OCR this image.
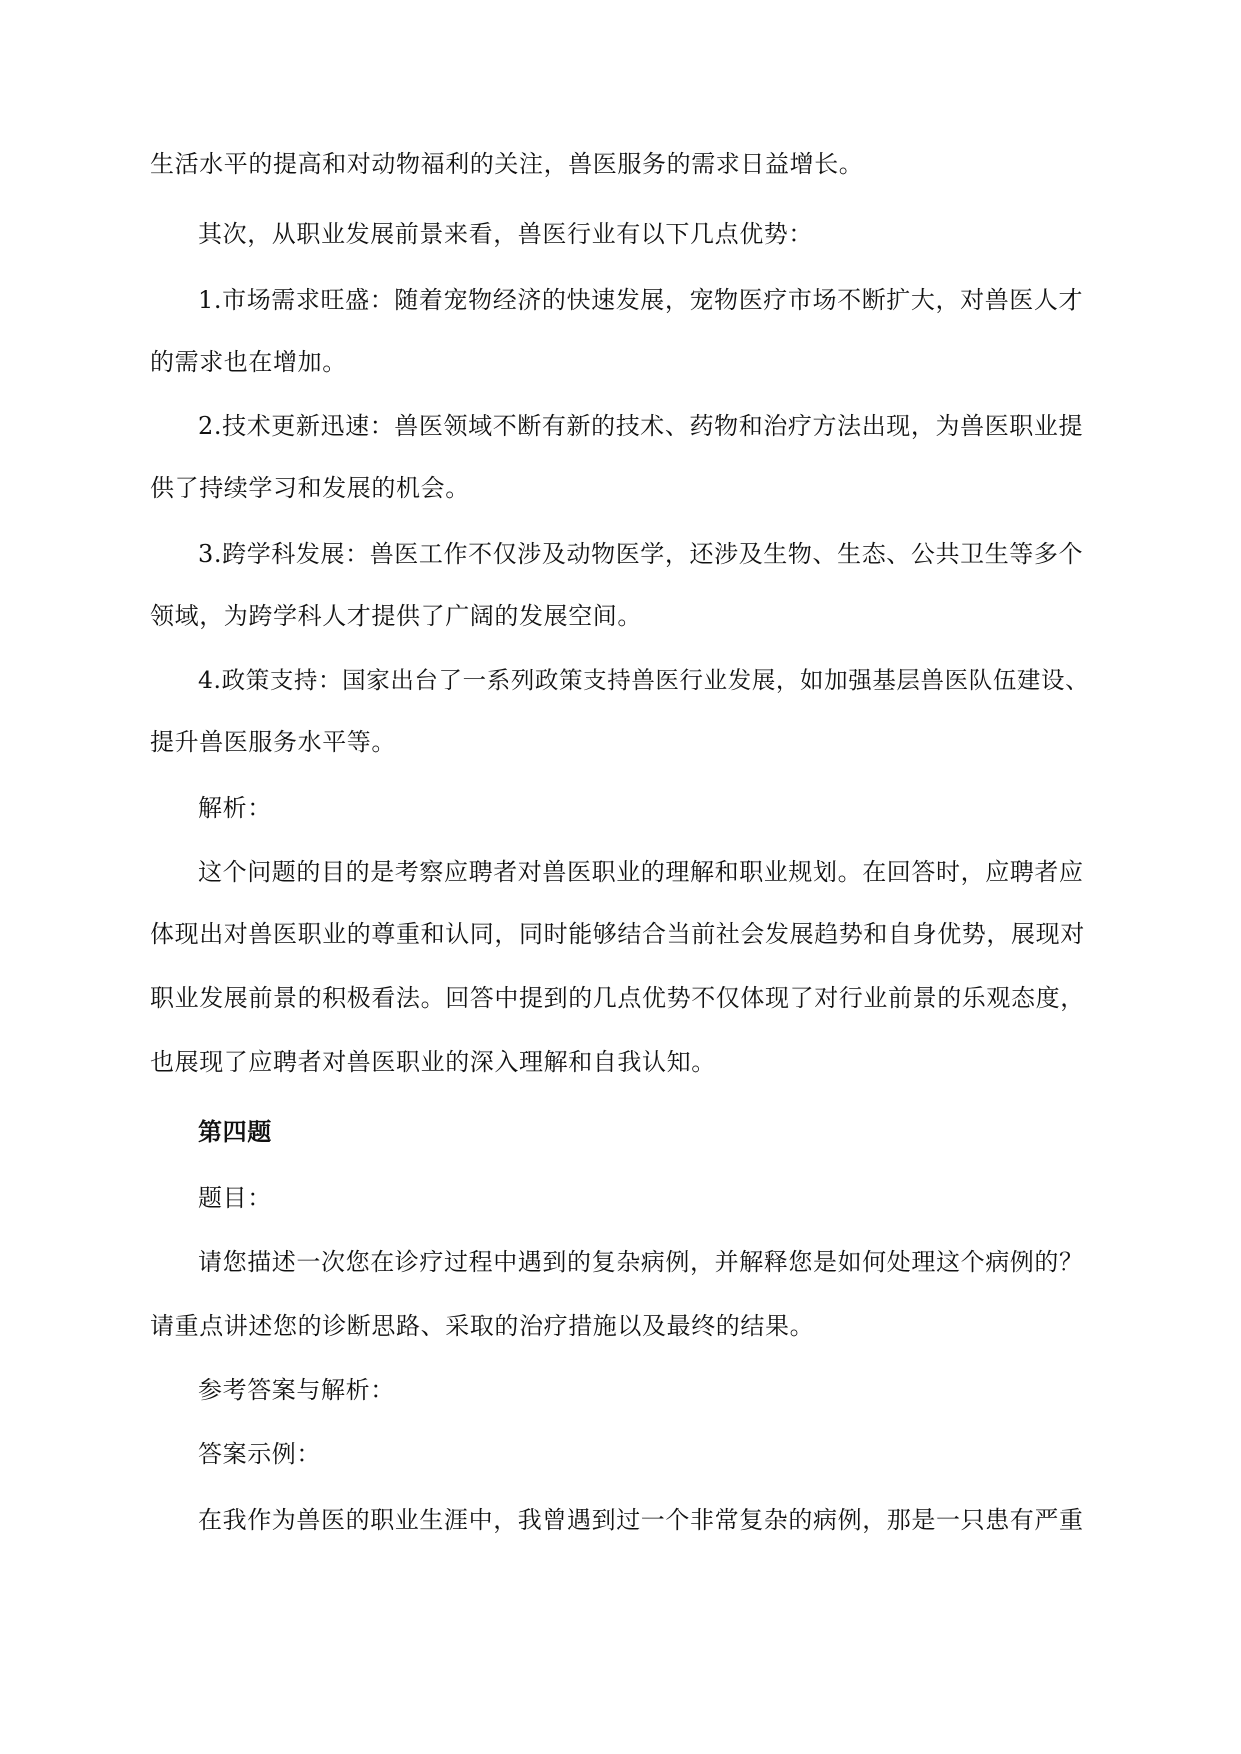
生活水平的提高和对动物福利的关注，兽医服务的需求日益增长。
其次，从职业发展前景来看，兽医行业有以下几点优势：
1.市场需求旺盛：随着宠物经济的快速发展，宠物医疗市场不断扩大，对兽医人才
的需求也在增加。
2.技术更新迅速：兽医领域不断有新的技术、药物和治疗方法出现，为兽医职业提
供了持续学习和发展的机会。
3.跨学科发展：兽医工作不仅涉及动物医学，还涉及生物、生态、公共卫生等多个
领域，为跨学科人才提供了广阔的发展空间。
4.政策支持：国家出台了一系列政策支持兽医行业发展，如加强基层兽医队伍建设、
提升兽医服务水平等。
解析：
这个问题的目的是考察应聘者对兽医职业的理解和职业规划。在回答时，应聘者应
体现出对兽医职业的尊重和认同，同时能够结合当前社会发展趋势和自身优势，展现对
职业发展前景的积极看法。回答中提到的几点优势不仅体现了对行业前景的乐观态度，
也展现了应聘者对兽医职业的深入理解和自我认知。
第四题
题目：
请您描述一次您在诊疗过程中遇到的复杂病例，并解释您是如何处理这个病例的？
请重点讲述您的诊断思路、采取的治疗措施以及最终的结果。
参考答案与解析：
答案示例：
在我作为兽医的职业生涯中，我曾遇到过一个非常复杂的病例，那是一只患有严重
